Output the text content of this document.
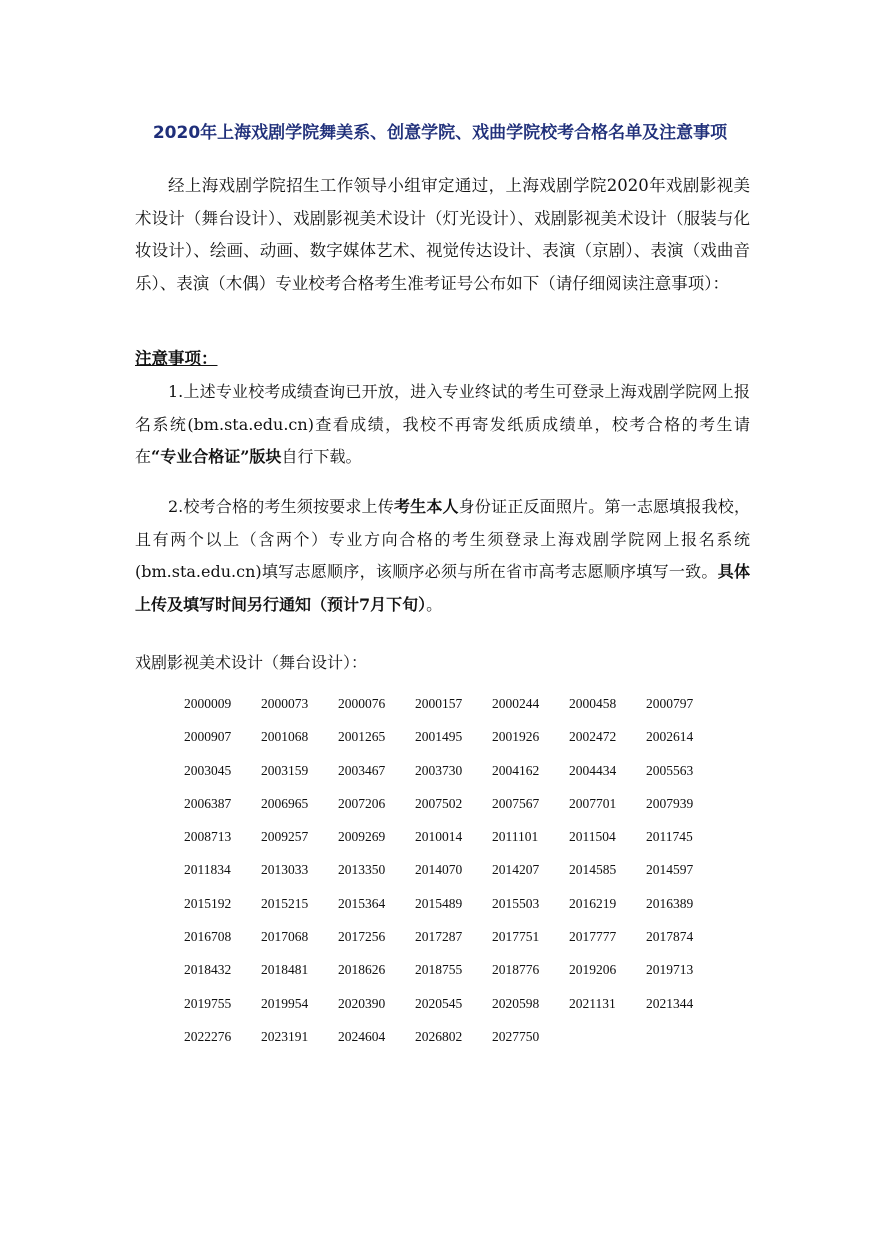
2020年上海戏剧学院舞美系、创意学院、戏曲学院校考合格名单及注意事项

经上海戏剧学院招生工作领导小组审定通过，上海戏剧学院2020年戏剧影视美术设计（舞台设计）、戏剧影视美术设计（灯光设计）、戏剧影视美术设计（服装与化妆设计）、绘画、动画、数字媒体艺术、视觉传达设计、表演（京剧）、表演（戏曲音乐）、表演（木偶）专业校考合格考生准考证号公布如下（请仔细阅读注意事项）：

注意事项：

1.上述专业校考成绩查询已开放，进入专业终试的考生可登录上海戏剧学院网上报名系统(bm.sta.edu.cn)查看成绩，我校不再寄发纸质成绩单，校考合格的考生请在“专业合格证”版块自行下载。

2.校考合格的考生须按要求上传考生本人身份证正反面照片。第一志愿填报我校，且有两个以上（含两个）专业方向合格的考生须登录上海戏剧学院网上报名系统(bm.sta.edu.cn)填写志愿顺序，该顺序必须与所在省市高考志愿顺序填写一致。具体上传及填写时间另行通知（预计7月下旬）。

戏剧影视美术设计（舞台设计）：
2000009	2000073	2000076	2000157	2000244	2000458	2000797
2000907	2001068	2001265	2001495	2001926	2002472	2002614
2003045	2003159	2003467	2003730	2004162	2004434	2005563
2006387	2006965	2007206	2007502	2007567	2007701	2007939
2008713	2009257	2009269	2010014	2011101	2011504	2011745
2011834	2013033	2013350	2014070	2014207	2014585	2014597
2015192	2015215	2015364	2015489	2015503	2016219	2016389
2016708	2017068	2017256	2017287	2017751	2017777	2017874
2018432	2018481	2018626	2018755	2018776	2019206	2019713
2019755	2019954	2020390	2020545	2020598	2021131	2021344
2022276	2023191	2024604	2026802	2027750
